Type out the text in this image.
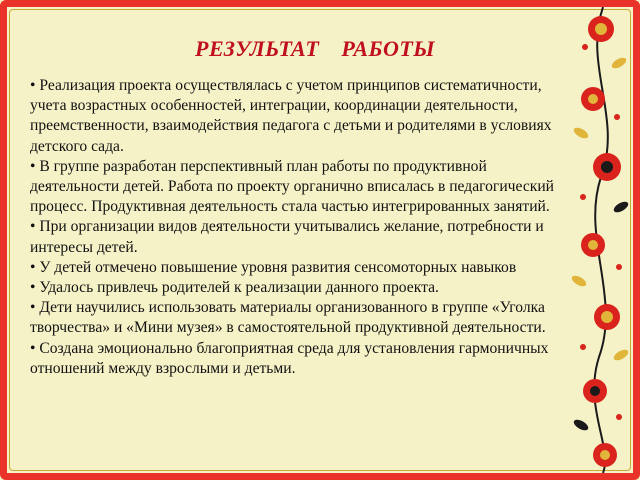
РЕЗУЛЬТАТ РАБОТЫ
• Реализация проекта осуществлялась с учетом принципов систематичности, учета возрастных особенностей, интеграции, координации деятельности, преемственности, взаимодействия педагога с детьми и родителями в условиях детского сада.
• В группе разработан перспективный план работы по продуктивной деятельности детей. Работа по проекту органично вписалась в педагогический процесс. Продуктивная деятельность стала частью интегрированных занятий.
• При организации видов деятельности учитывались желание, потребности и интересы детей.
• У детей отмечено повышение уровня развития сенсомоторных навыков
• Удалось привлечь родителей к реализации данного проекта.
• Дети научились использовать материалы организованного в группе «Уголка творчества» и «Мини музея» в самостоятельной продуктивной деятельности.
• Создана эмоционально благоприятная среда для установления гармоничных отношений между взрослыми и детьми.
